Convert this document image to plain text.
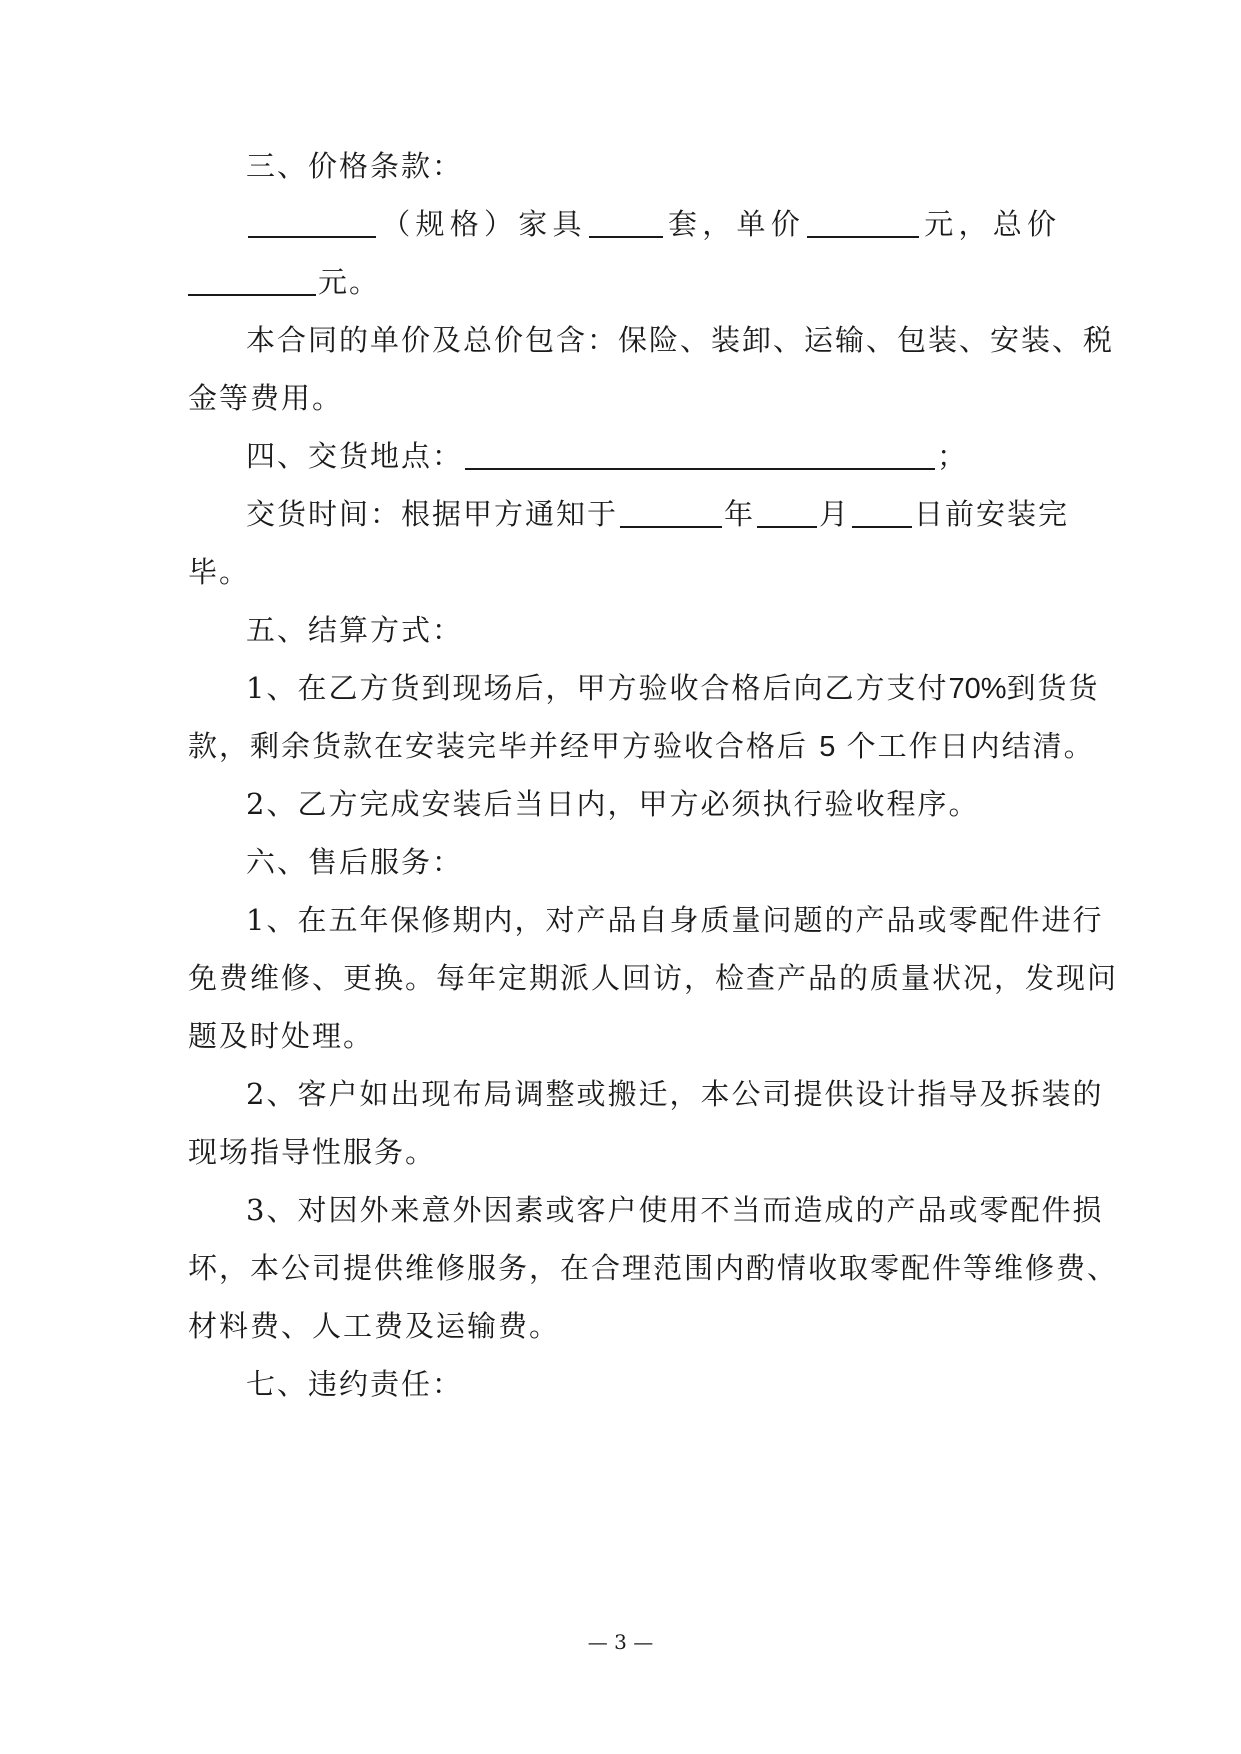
三、价格条款：
（规格）家具	套，单价	元，总价
元。
本合同的单价及总价包含：保险、装卸、运输、包装、安装、税
金等费用。
四、交货地点：	；
交货时间：根据甲方通知于	年 月 日前安装完
毕。
五、结算方式：
1、在乙方货到现场后，甲方验收合格后向乙方支付70%到货货
款，剩余货款在安装完毕并经甲方验收合格后 5 个工作日内结清。
2、乙方完成安装后当日内，甲方必须执行验收程序。
六、售后服务：
1、在五年保修期内，对产品自身质量问题的产品或零配件进行
免费维修、更换。每年定期派人回访，检查产品的质量状况，发现问
题及时处理。
2、客户如出现布局调整或搬迁，本公司提供设计指导及拆装的
现场指导性服务。
3、对因外来意外因素或客户使用不当而造成的产品或零配件损
坏，本公司提供维修服务，在合理范围内酌情收取零配件等维修费、
材料费、人工费及运输费。
七、违约责任：
— 3 —
